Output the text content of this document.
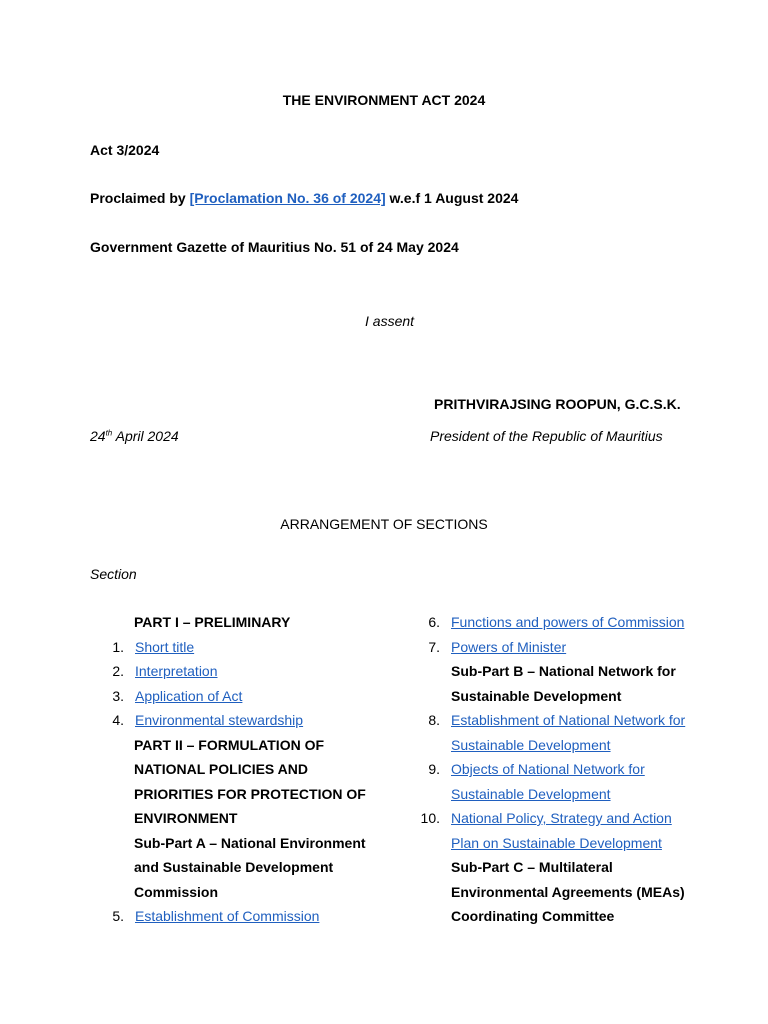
THE ENVIRONMENT ACT 2024
Act 3/2024
Proclaimed by [Proclamation No. 36 of 2024] w.e.f 1 August 2024
Government Gazette of Mauritius No. 51 of 24 May 2024
I assent
PRITHVIRAJSING ROOPUN, G.C.S.K.
24th April 2024	President of the Republic of Mauritius
ARRANGEMENT OF SECTIONS
Section
PART I – PRELIMINARY
1. Short title
2. Interpretation
3. Application of Act
4. Environmental stewardship
PART II – FORMULATION OF
NATIONAL POLICIES AND
PRIORITIES FOR PROTECTION OF
ENVIRONMENT
Sub-Part A – National Environment
and Sustainable Development
Commission
5. Establishment of Commission
6. Functions and powers of Commission
7. Powers of Minister
Sub-Part B – National Network for
Sustainable Development
8. Establishment of National Network for
Sustainable Development
9. Objects of National Network for
Sustainable Development
10. National Policy, Strategy and Action
Plan on Sustainable Development
Sub-Part C – Multilateral
Environmental Agreements (MEAs)
Coordinating Committee
